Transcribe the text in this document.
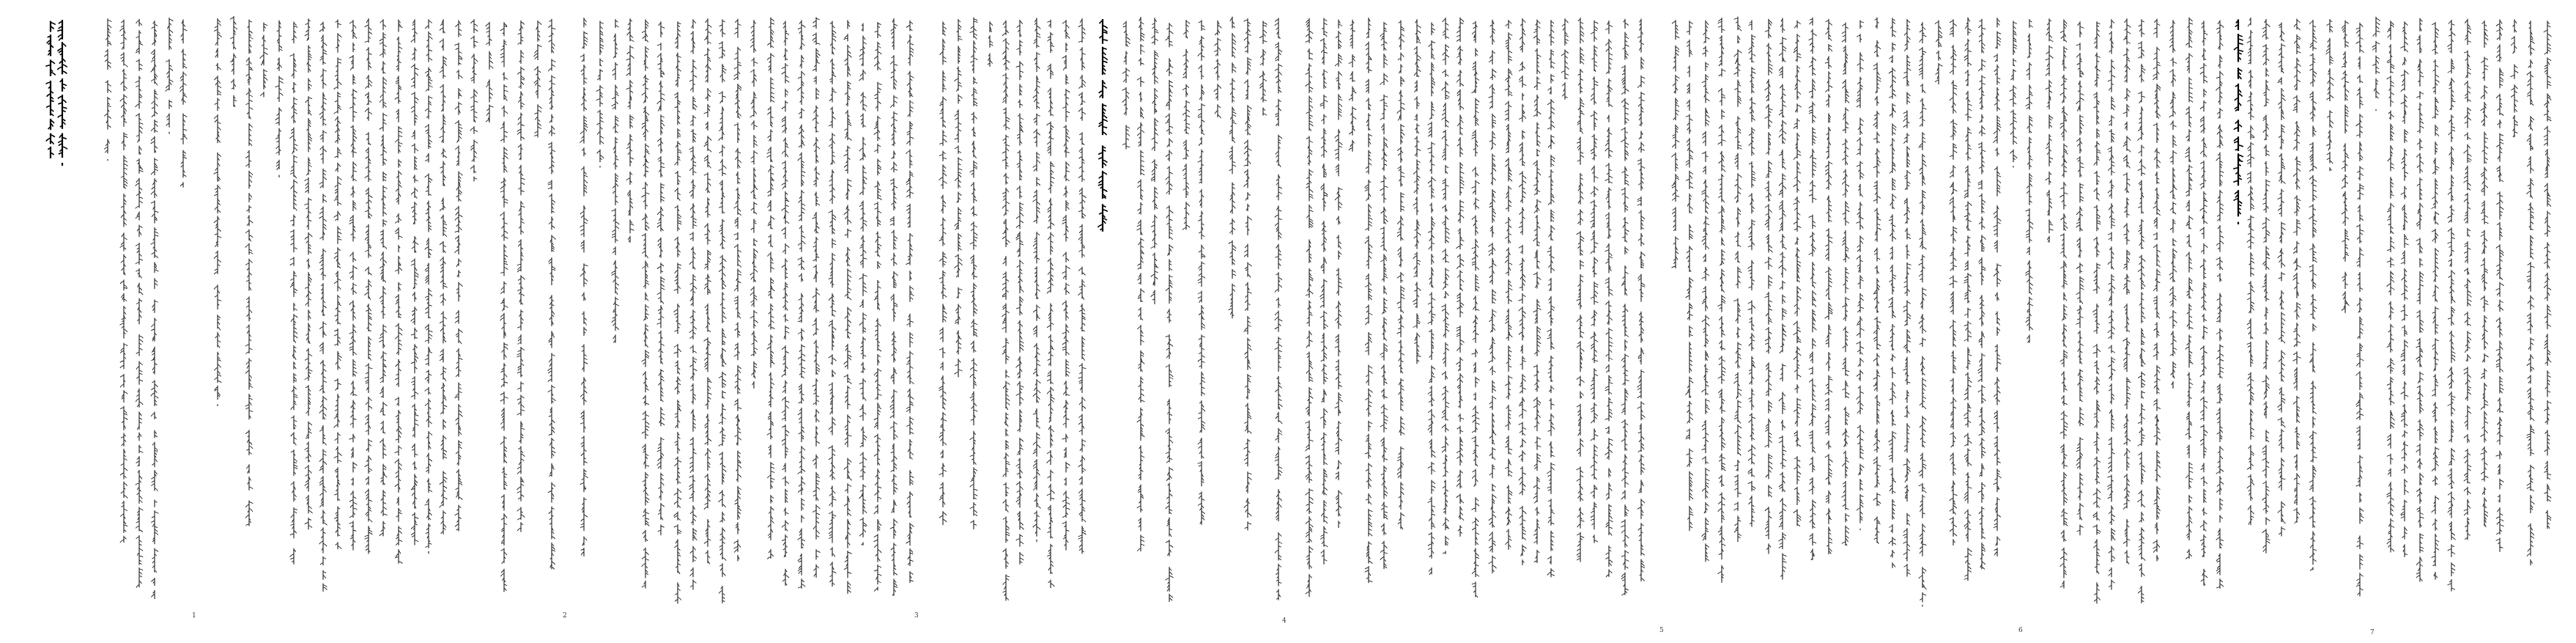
1	2	3
4
5	6	7
